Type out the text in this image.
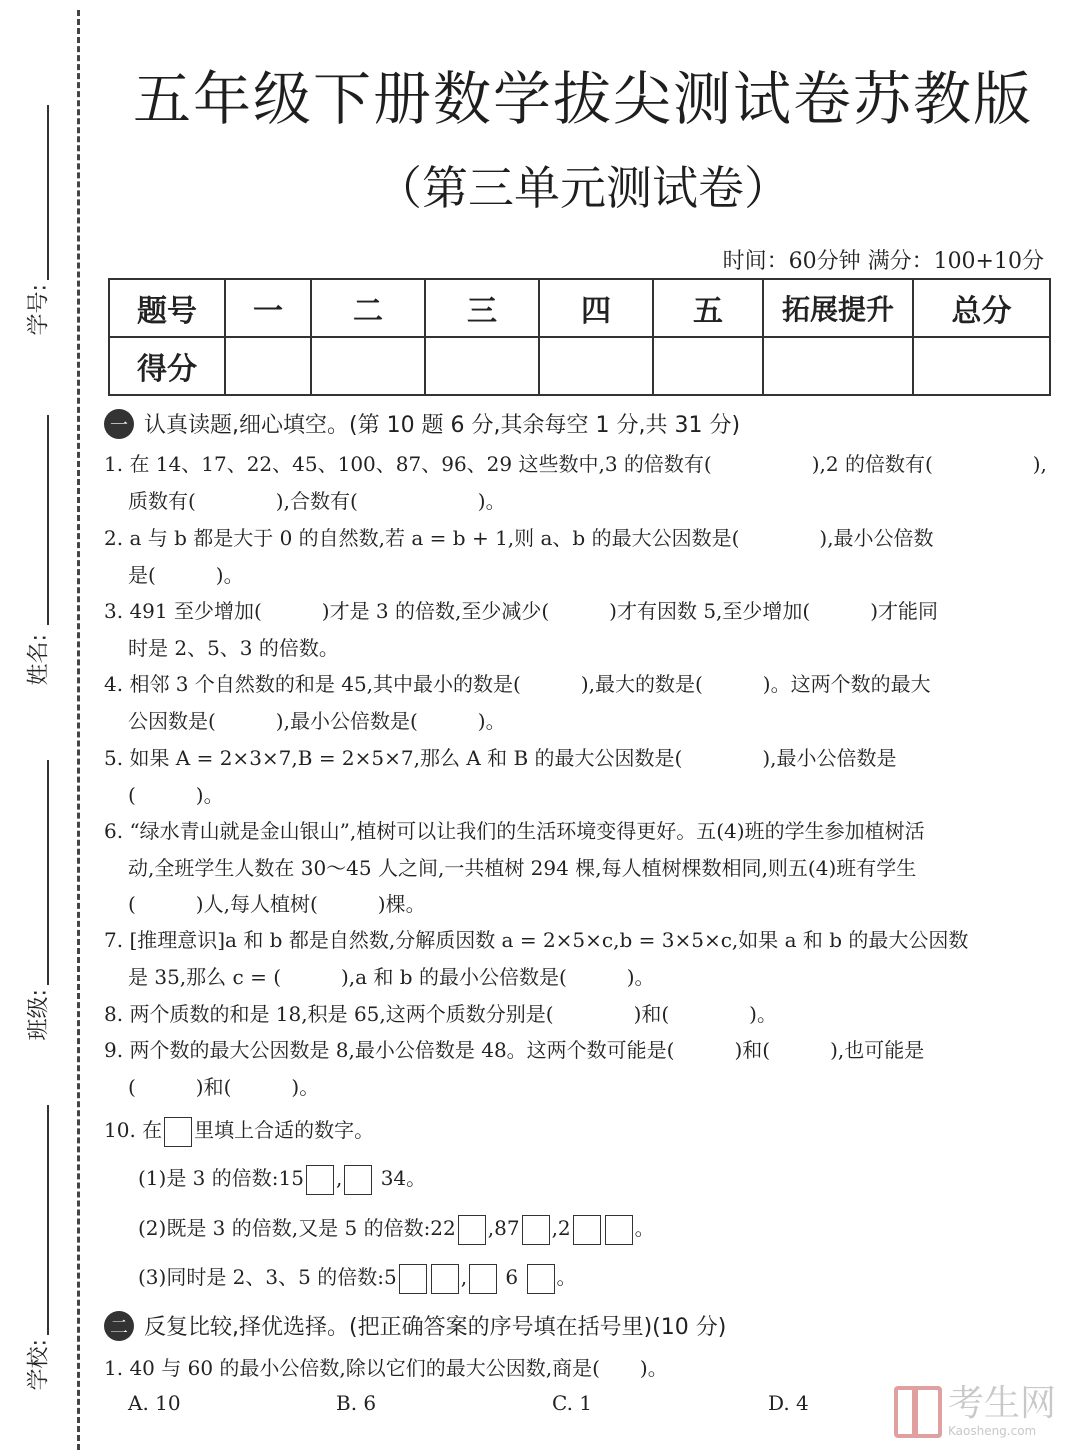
学号:
姓名:
班级:
学校:
五年级下册数学拔尖测试卷苏教版
（第三单元测试卷）
时间：60分钟 满分：100+10分
题号	一	二	三	四	五	拓展提升	总分
得分							
一 认真读题,细心填空。(第 10 题 6 分,其余每空 1 分,共 31 分)
1. 在 14、17、22、45、100、87、96、29 这些数中,3 的倍数有(　　　　　),2 的倍数有(　　　　　),
质数有(　　　　),合数有(　　　　　　)。
2. a 与 b 都是大于 0 的自然数,若 a = b + 1,则 a、b 的最大公因数是(　　　　),最小公倍数
是(　　　)。
3. 491 至少增加(　　　)才是 3 的倍数,至少减少(　　　)才有因数 5,至少增加(　　　)才能同
时是 2、5、3 的倍数。
4. 相邻 3 个自然数的和是 45,其中最小的数是(　　　),最大的数是(　　　)。这两个数的最大
公因数是(　　　),最小公倍数是(　　　)。
5. 如果 A = 2×3×7,B = 2×5×7,那么 A 和 B 的最大公因数是(　　　　),最小公倍数是
(　　　)。
6. “绿水青山就是金山银山”,植树可以让我们的生活环境变得更好。五(4)班的学生参加植树活
动,全班学生人数在 30～45 人之间,一共植树 294 棵,每人植树棵数相同,则五(4)班有学生
(　　　)人,每人植树(　　　)棵。
7. [推理意识]a 和 b 都是自然数,分解质因数 a = 2×5×c,b = 3×5×c,如果 a 和 b 的最大公因数
是 35,那么 c = (　　　),a 和 b 的最小公倍数是(　　　)。
8. 两个质数的和是 18,积是 65,这两个质数分别是(　　　　)和(　　　　)。
9. 两个数的最大公因数是 8,最小公倍数是 48。这两个数可能是(　　　)和(　　　),也可能是
(　　　)和(　　　)。
10. 在 里填上合适的数字。
(1)是 3 的倍数:15 , 34。
(2)既是 3 的倍数,又是 5 的倍数:22 ,87 ,2	。
(3)同时是 2、3、5 的倍数:5	, 6 。
二 反复比较,择优选择。(把正确答案的序号填在括号里)(10 分)
1. 40 与 60 的最小公倍数,除以它们的最大公因数,商是(　　)。
A. 10	B. 6	C. 1	D. 4	考生网
Kaosheng.com
